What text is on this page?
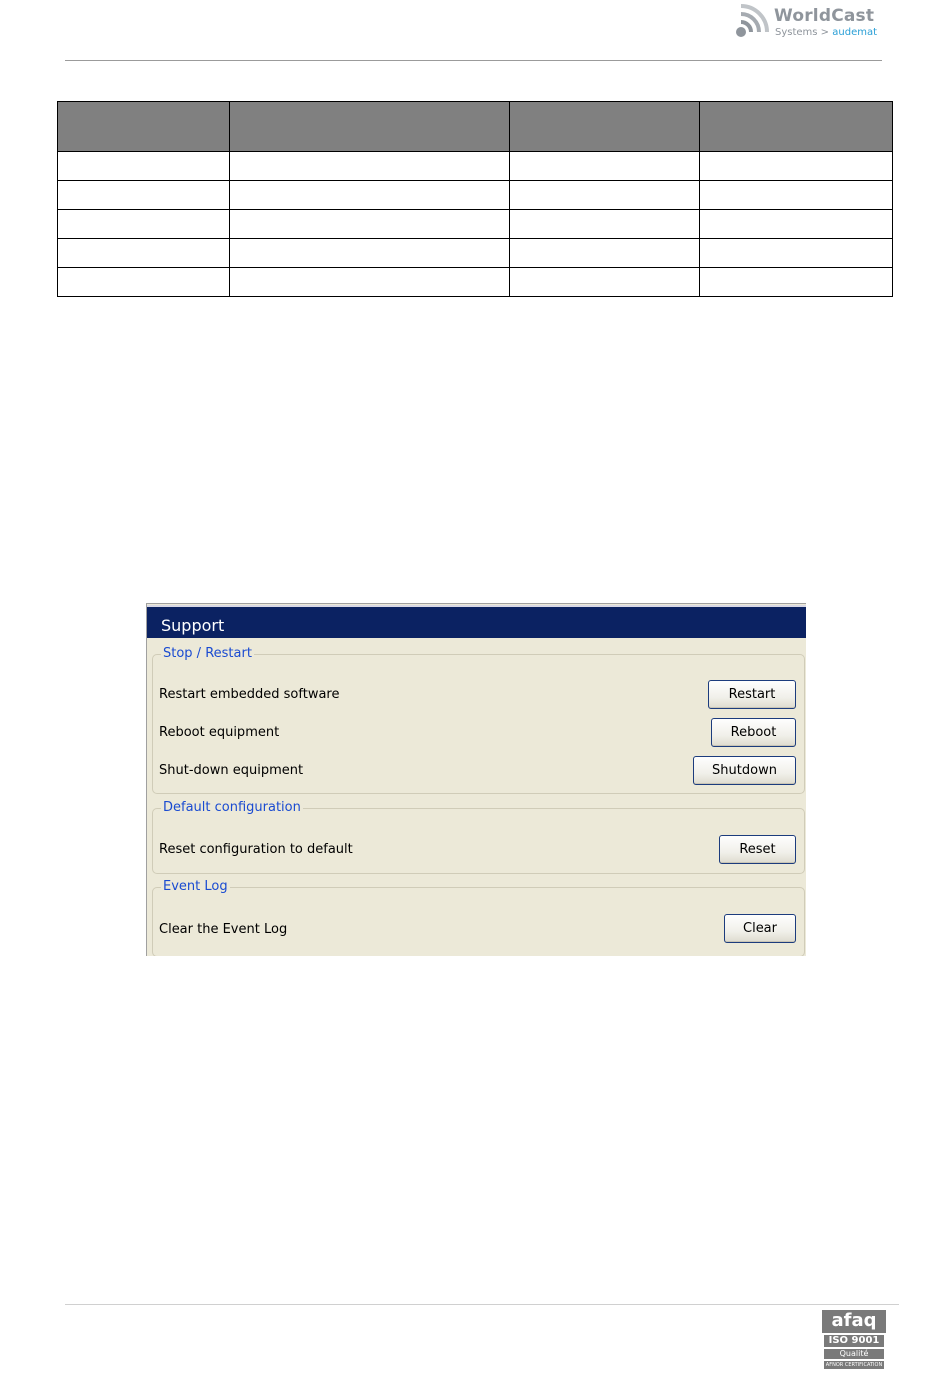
WorldCast
Systems > audemat

Support
Stop / Restart
Restart embedded software	Restart
Reboot equipment	Reboot
Shut-down equipment	Shutdown
Default configuration
Reset configuration to default	Reset
Event Log
Clear the Event Log	Clear
afaq
ISO 9001
Qualité
AFNOR CERTIFICATION
